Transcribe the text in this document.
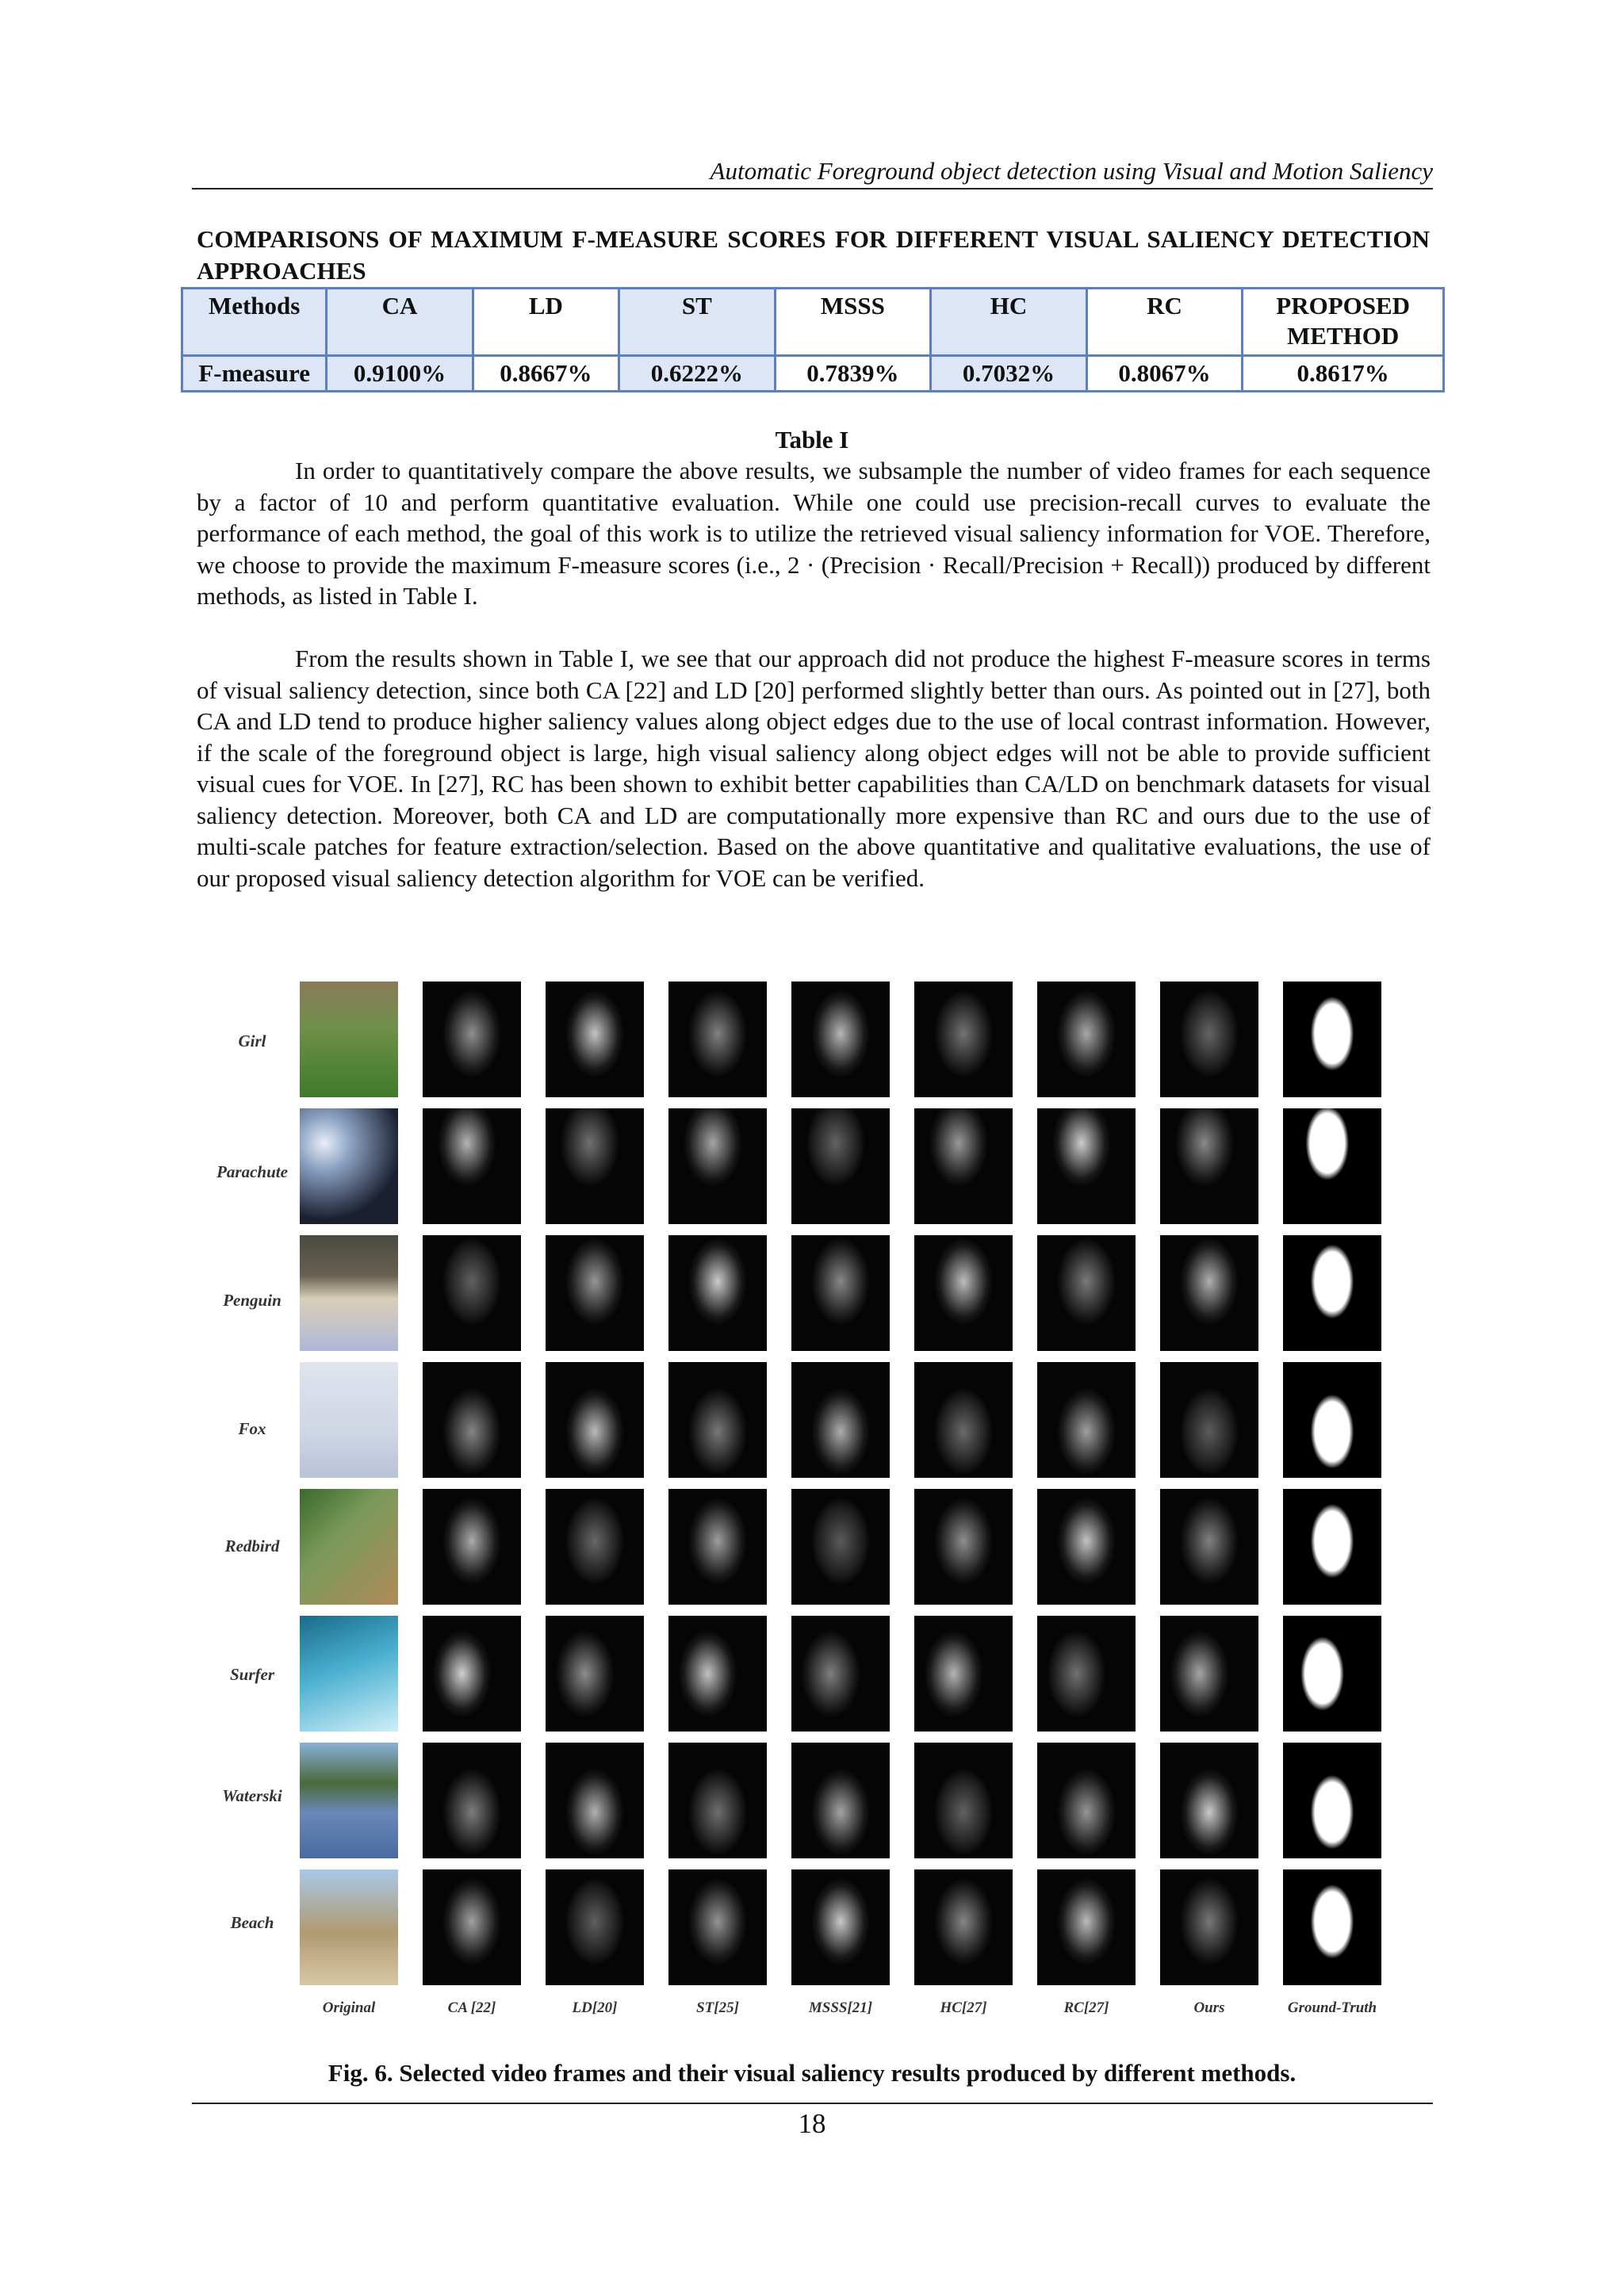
Automatic Foreground object detection using Visual and Motion Saliency
COMPARISONS OF MAXIMUM F-MEASURE SCORES FOR DIFFERENT VISUAL SALIENCY DETECTION APPROACHES
Methods	CA	LD	ST	MSSS	HC	RC	PROPOSED METHOD
F-measure	0.9100%	0.8667%	0.6222%	0.7839%	0.7032%	0.8067%	0.8617%
Table I

In order to quantitatively compare the above results, we subsample the number of video frames for each sequence by a factor of 10 and perform quantitative evaluation. While one could use precision-recall curves to evaluate the performance of each method, the goal of this work is to utilize the retrieved visual saliency information for VOE. Therefore, we choose to provide the maximum F-measure scores (i.e., 2 · (Precision · Recall/Precision + Recall)) produced by different methods, as listed in Table I.

From the results shown in Table I, we see that our approach did not produce the highest F-measure scores in terms of visual saliency detection, since both CA [22] and LD [20] performed slightly better than ours. As pointed out in [27], both CA and LD tend to produce higher saliency values along object edges due to the use of local contrast information. However, if the scale of the foreground object is large, high visual saliency along object edges will not be able to provide sufficient visual cues for VOE. In [27], RC has been shown to exhibit better capabilities than CA/LD on benchmark datasets for visual saliency detection. Moreover, both CA and LD are computationally more expensive than RC and ours due to the use of multi-scale patches for feature extraction/selection. Based on the above quantitative and qualitative evaluations, the use of our proposed visual saliency detection algorithm for VOE can be verified.

Girl
Parachute
Penguin
Fox
Redbird
Surfer
Waterski
Beach
Original	CA [22]	LD[20]	ST[25]	MSSS[21]	HC[27]	RC[27]	Ours	Ground-Truth
Fig. 6. Selected video frames and their visual saliency results produced by different methods.
18
